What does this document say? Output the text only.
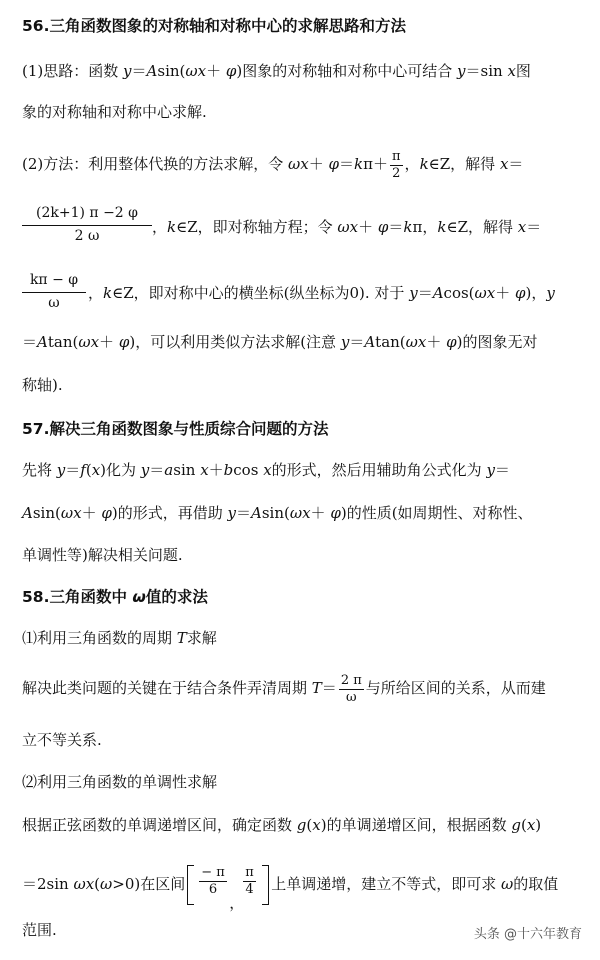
56.三角函数图象的对称轴和对称中心的求解思路和方法
(1)思路：函数 y＝Asin(ωx＋ φ)图象的对称轴和对称中心可结合 y＝sin x图
象的对称轴和对称中心求解.
(2)方法：利用整体代换的方法求解，令 $\omega x+ \varphi=k\pi+ \frac{\pi}{2}$ ，k∈Z，解得 x＝
$\frac{(2k+1) \pi -2 \varphi}{2 \omega}$ ，k∈Z，即对称轴方程；令 ωx＋ φ＝kπ，k∈Z，解得 x＝
$\frac{k\pi - \varphi}{\omega}$ ，k∈Z，即对称中心的横坐标(纵坐标为0). 对于 y＝Acos(ωx＋ φ)，y
＝Atan(ωx＋ φ)，可以利用类似方法求解(注意 y＝Atan(ωx＋ φ)的图象无对
称轴).
57.解决三角函数图象与性质综合问题的方法
先将 y＝f(x)化为 y＝asin x＋bcos x的形式，然后用辅助角公式化为 y＝
Asin(ωx＋ φ)的形式，再借助 y＝Asin(ωx＋ φ)的性质(如周期性、对称性、
单调性等)解决相关问题.
58.三角函数中 ω值的求法
⑴利用三角函数的周期 T求解
解决此类问题的关键在于结合条件弄清周期 $T= \frac{2 \pi}{\omega}$ 与所给区间的关系，从而建
立不等关系.
⑵利用三角函数的单调性求解
根据正弦函数的单调递增区间，确定函数 g(x)的单调递增区间，根据函数 g(x)
＝2sin ωx(ω>0)在区间 $\frac{- \pi}{6}$
，
$\frac{\pi}{4}$ 上单调递增，建立不等式，即可求 ω的取值
范围.	头条 @十六年教育
